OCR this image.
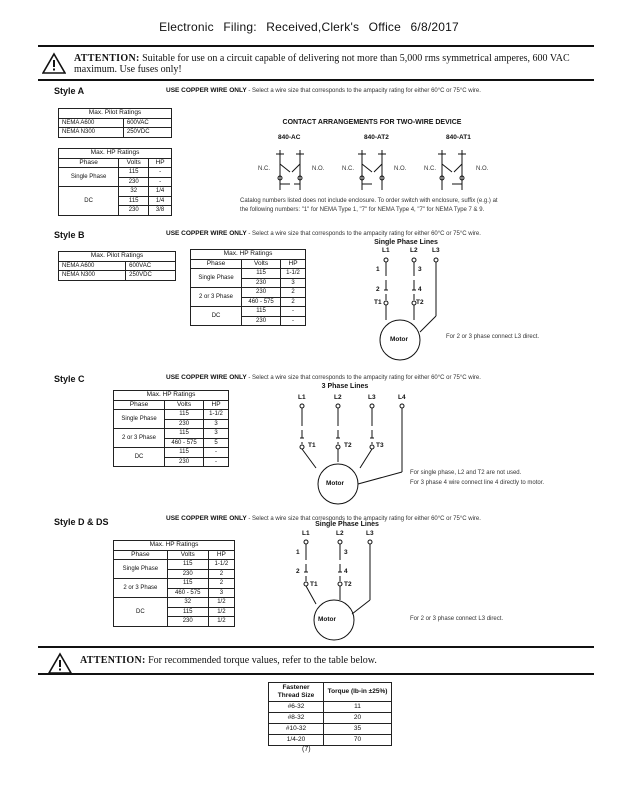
Electronic Filing: Received,Clerk's Office 6/8/2017
ATTENTION: Suitable for use on a circuit capable of delivering not more than 5,000 rms symmetrical amperes, 600 VAC maximum. Use fuses only!
Style A	USE COPPER WIRE ONLY - Select a wire size that corresponds to the ampacity rating for either 60°C or 75°C wire.
Max. Pilot Ratings	
NEMA A600	600VAC
NEMA N300	250VDC
Max. HP Ratings		
Phase	Volts	HP
Single Phase	115	-
	230	-
DC	32	1/4
	115	1/4
	230	3/8
CONTACT ARRANGEMENTS FOR TWO-WIRE DEVICE
840-AC	840-AT2	840-AT1
N.C.	N.O.	N.C.	N.O.	N.C.	N.O.
Catalog numbers listed does not include enclosure. To order switch with enclosure, suffix (e.g.) at
the following numbers: "1" for NEMA Type 1, "7" for NEMA Type 4, "7" for NEMA Type 7 & 9.
Style B	USE COPPER WIRE ONLY - Select a wire size that corresponds to the ampacity rating for either 60°C or 75°C wire.
Max. Pilot Ratings	
NEMA A600	600VAC
NEMA N300	250VDC
Max. HP Ratings		
Phase	Volts	HP
Single Phase	115	1-1/2
	230	3
2 or 3 Phase	230	2
	460 - 575	2
DC	115	-
	230	-
Single Phase Lines
L1	L2 L3
1	3
2	4
T1	T2
Motor	For 2 or 3 phase connect L3 direct.
Style C	USE COPPER WIRE ONLY - Select a wire size that corresponds to the ampacity rating for either 60°C or 75°C wire.
Max. HP Ratings		
Phase	Volts	HP
Single Phase	115	1-1/2
	230	3
2 or 3 Phase	115	3
	460 - 575	5
DC	115	-
	230	-
3 Phase Lines
L1	L2	L3	L4
T1	T2	T3
Motor
For single phase, L2 and T2 are not used.
For 3 phase 4 wire connect line 4 directly to motor.
Style D & DS	USE COPPER WIRE ONLY - Select a wire size that corresponds to the ampacity rating for either 60°C or 75°C wire.
Max. HP Ratings		
Phase	Volts	HP
Single Phase	115	1-1/2
	230	2
2 or 3 Phase	115	2
	460 - 575	3
DC	32	1/2
	115	1/2
	230	1/2
Single Phase Lines
L1	L2	L3
1	3
2	4
T1	T2
Motor	For 2 or 3 phase connect L3 direct.
ATTENTION: For recommended torque values, refer to the table below.
Fastener Thread Size	Torque (lb-in ±25%)
#6-32	11
#8-32	20
#10-32	35
1/4-20	70
(7)
